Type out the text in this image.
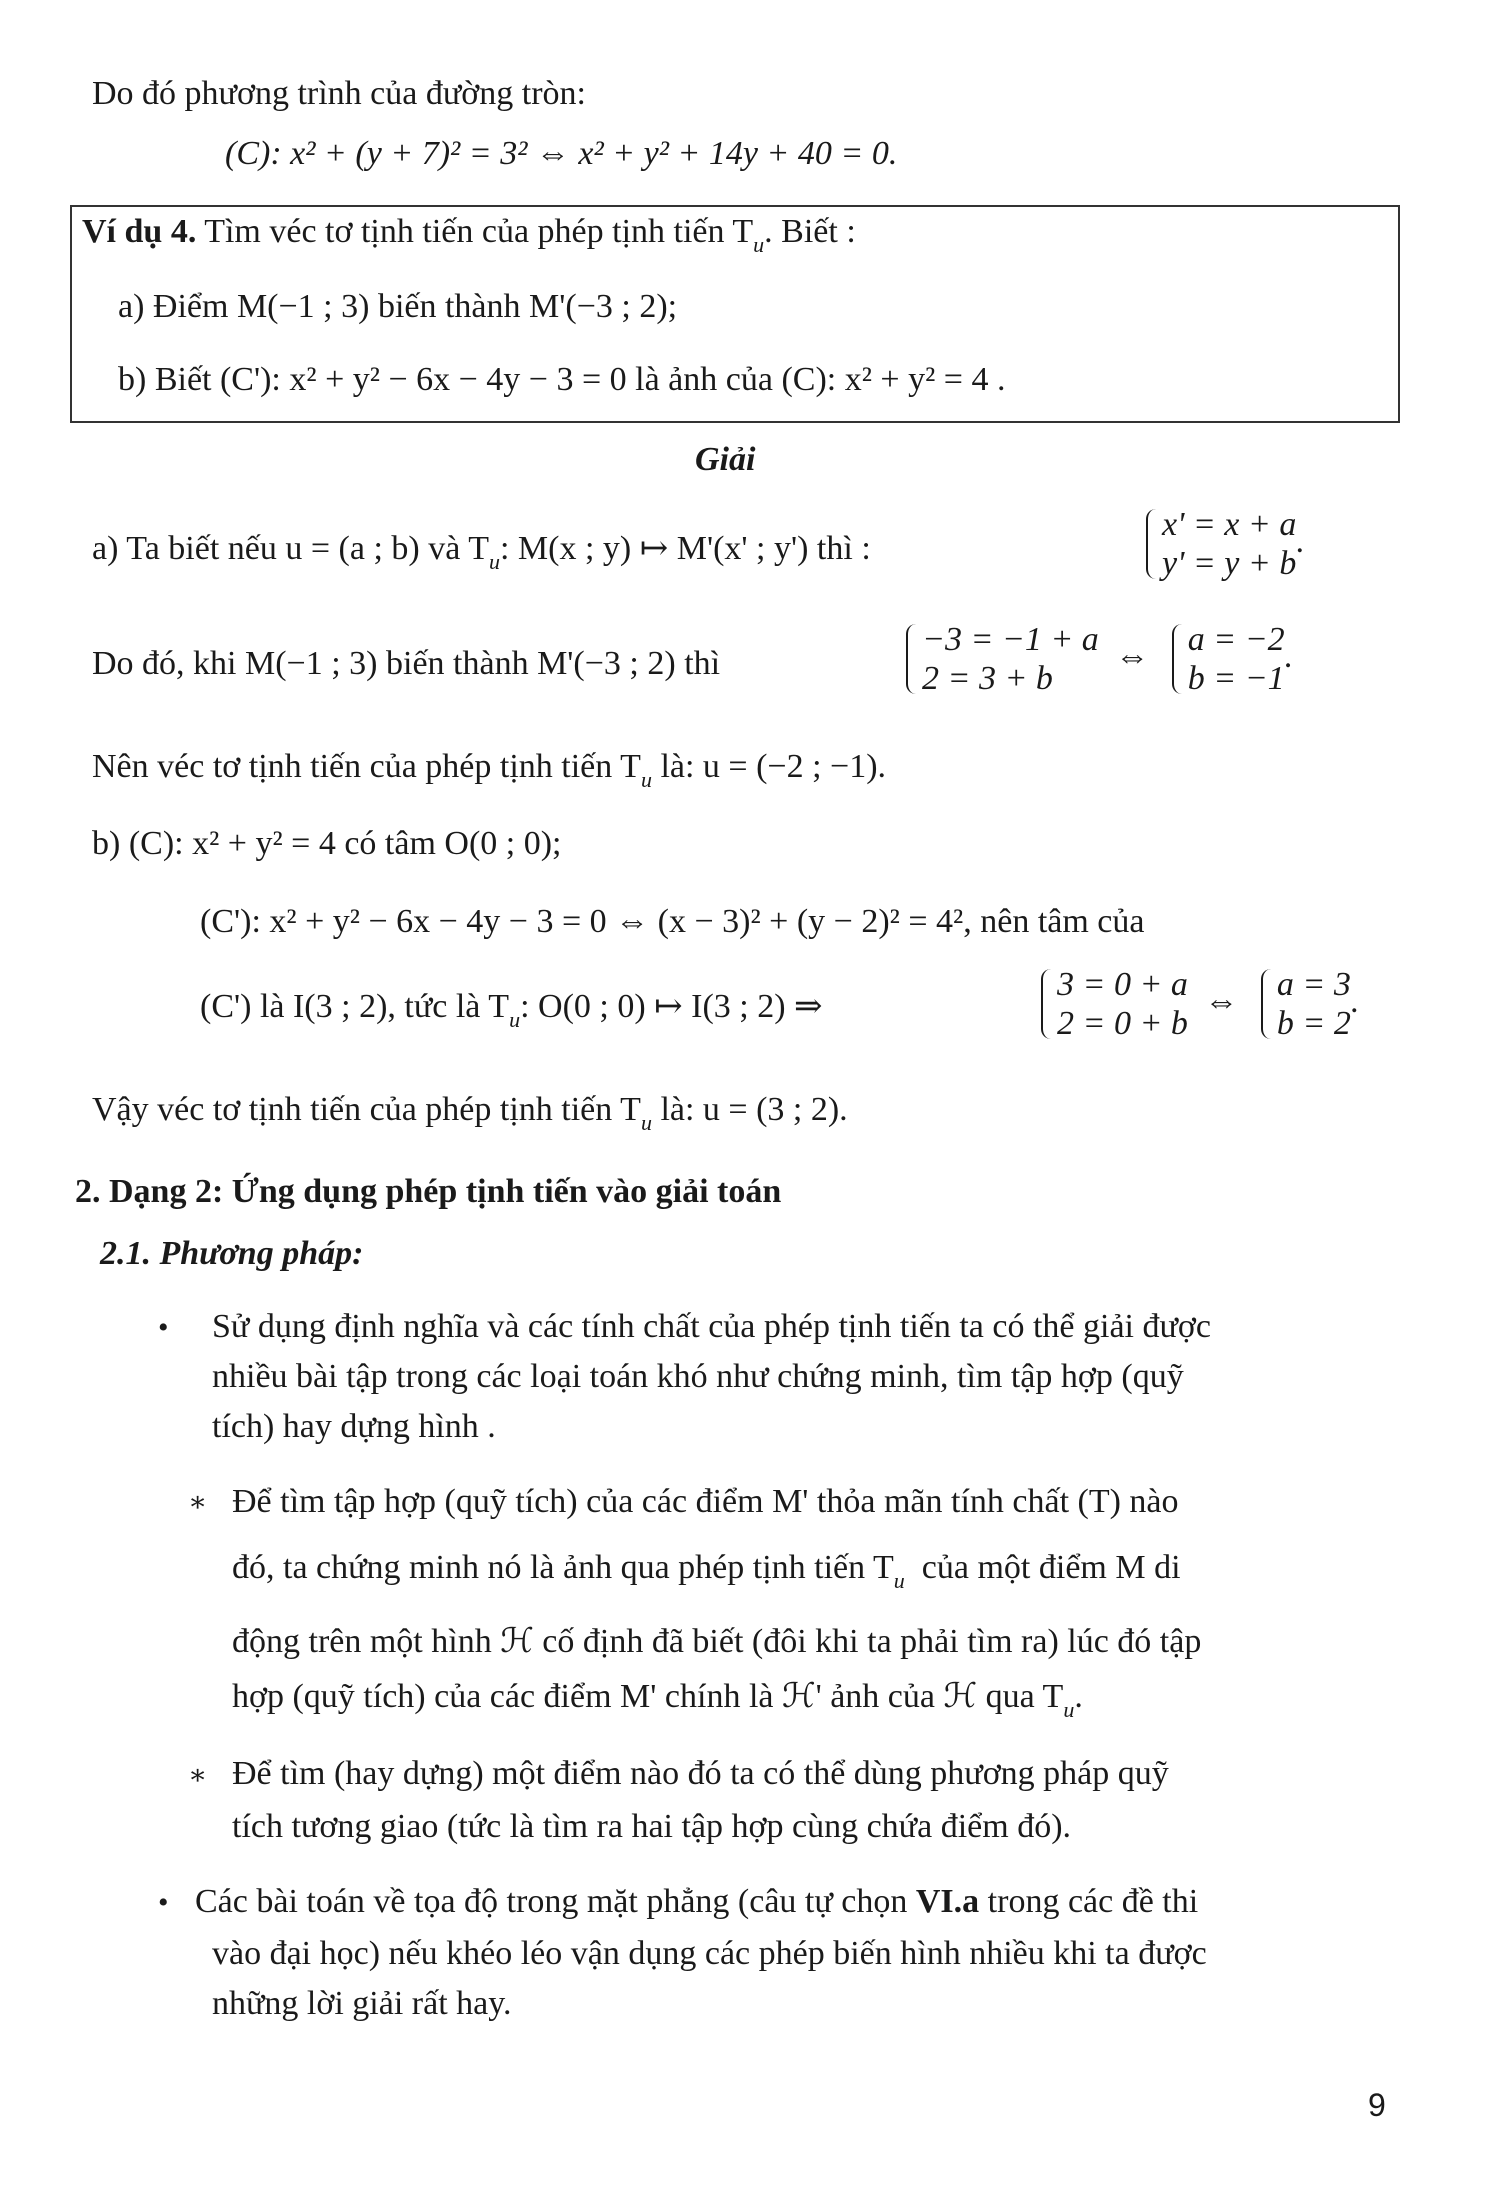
Do đó phương trình của đường tròn:
(C): x² + (y + 7)² = 3² ⇔ x² + y² + 14y + 40 = 0.
Ví dụ 4. Tìm véc tơ tịnh tiến của phép tịnh tiến $T_u$. Biết :
a) Điểm M(−1 ; 3) biến thành M'(−3 ; 2);
b) Biết (C'): x² + y² − 6x − 4y − 3 = 0 là ảnh của (C): x² + y² = 4 .
Giải
a) Ta biết nếu u = (a ; b) và $T_u$: M(x ; y) ↦ M'(x' ; y') thì :
x' = x + a
y' = y + b
.
Do đó, khi M(−1 ; 3) biến thành M'(−3 ; 2) thì
−3 = −1 + a
2 = 3 + b
⇔ a = −2
b = −1
.
Nên véc tơ tịnh tiến của phép tịnh tiến $T_u$ là: u = (−2 ; −1).
b) (C): x² + y² = 4 có tâm O(0 ; 0);
(C'): x² + y² − 6x − 4y − 3 = 0 ⇔ (x − 3)² + (y − 2)² = 4², nên tâm của
(C') là I(3 ; 2), tức là $T_u$: O(0 ; 0) ↦ I(3 ; 2) ⇒
3 = 0 + a
2 = 0 + b
⇔ a = 3
b = 2
.
Vậy véc tơ tịnh tiến của phép tịnh tiến $T_u$ là: u = (3 ; 2).
2. Dạng 2: Ứng dụng phép tịnh tiến vào giải toán
2.1. Phương pháp:
• Sử dụng định nghĩa và các tính chất của phép tịnh tiến ta có thể giải được
nhiều bài tập trong các loại toán khó như chứng minh, tìm tập hợp (quỹ
tích) hay dựng hình .
∗ Để tìm tập hợp (quỹ tích) của các điểm M' thỏa mãn tính chất (T) nào
đó, ta chứng minh nó là ảnh qua phép tịnh tiến $T_u$ của một điểm M di
động trên một hình ℋ cố định đã biết (đôi khi ta phải tìm ra) lúc đó tập
hợp (quỹ tích) của các điểm M' chính là ℋ' ảnh của ℋ qua $T_u$.
∗ Để tìm (hay dựng) một điểm nào đó ta có thể dùng phương pháp quỹ
tích tương giao (tức là tìm ra hai tập hợp cùng chứa điểm đó).
• Các bài toán về tọa độ trong mặt phẳng (câu tự chọn VI.a trong các đề thi
vào đại học) nếu khéo léo vận dụng các phép biến hình nhiều khi ta được
những lời giải rất hay.
9
